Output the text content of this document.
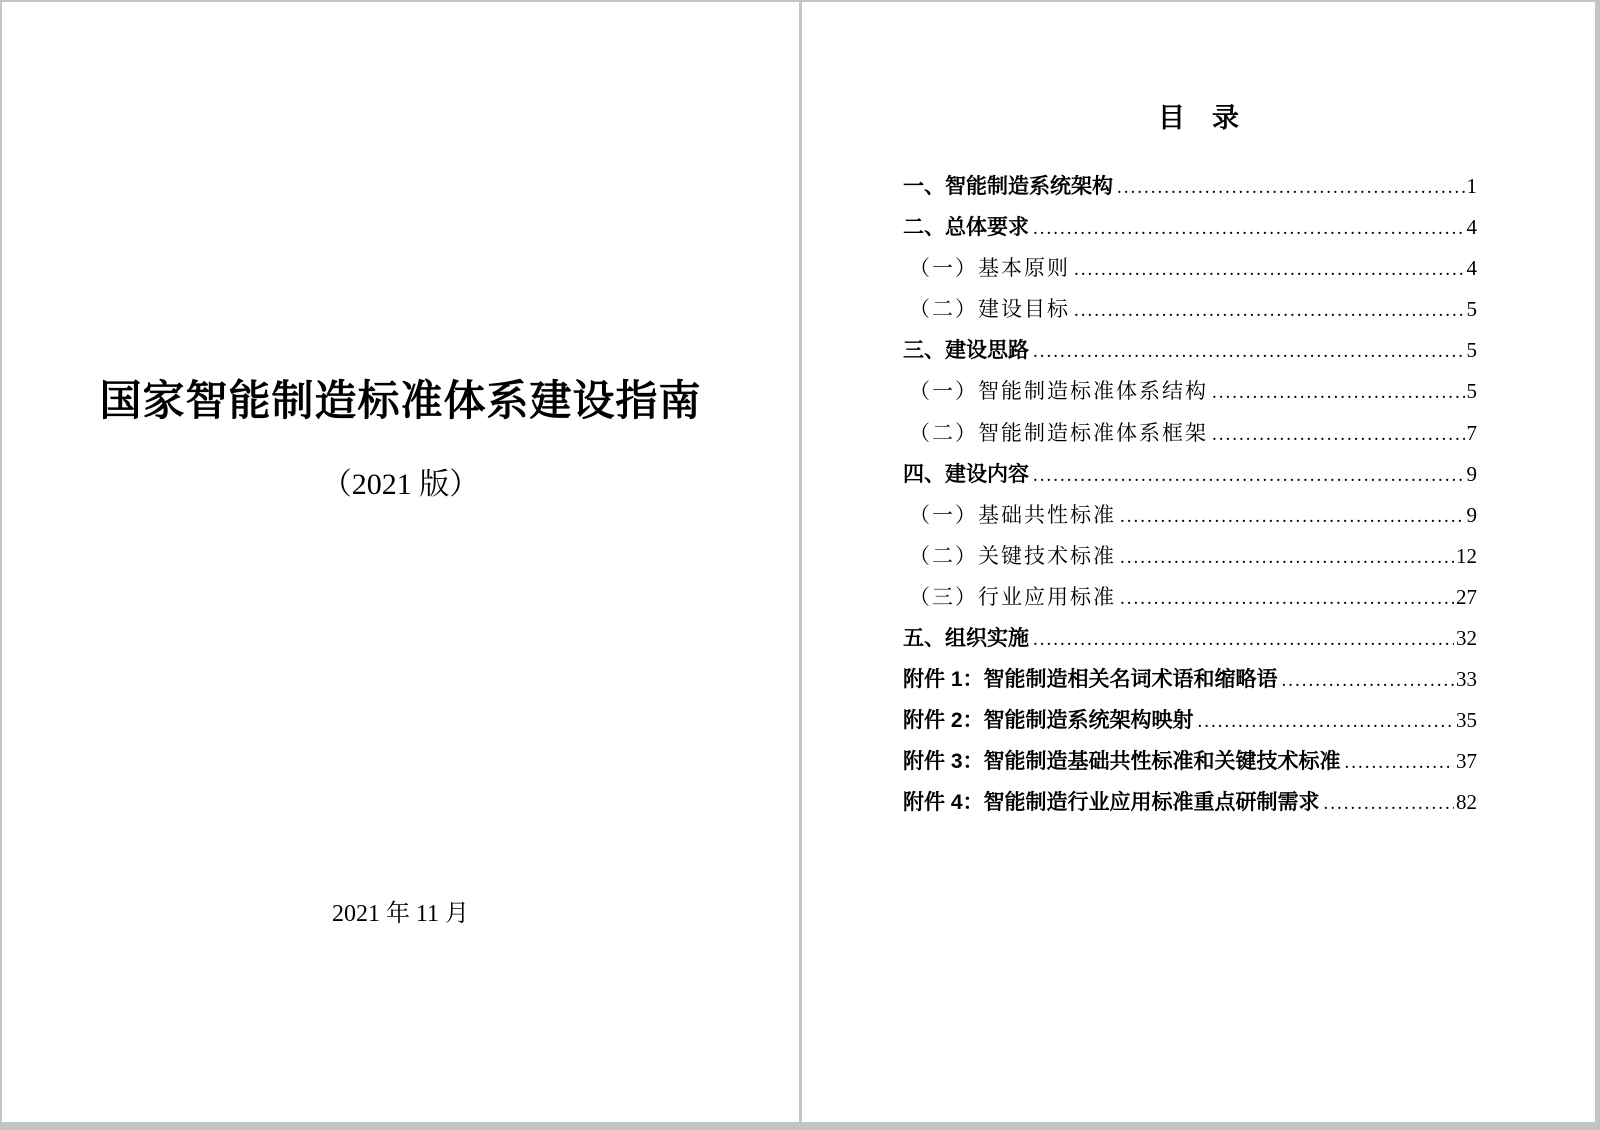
国家智能制造标准体系建设指南
（2021 版）
2021 年 11 月
目　录
一、智能制造系统架构 .....	1
二、总体要求 .....	4
（一）基本原则 .....	4
（二）建设目标 .....	5
三、建设思路 .....	5
（一）智能制造标准体系结构 .....	5
（二）智能制造标准体系框架 .....	7
四、建设内容 .....	9
（一）基础共性标准 .....	9
（二）关键技术标准 .....	12
（三）行业应用标准 .....	27
五、组织实施 .....	32
附件 1：智能制造相关名词术语和缩略语 .....	33
附件 2：智能制造系统架构映射 .....	35
附件 3：智能制造基础共性标准和关键技术标准 .....	37
附件 4：智能制造行业应用标准重点研制需求 .....	82
